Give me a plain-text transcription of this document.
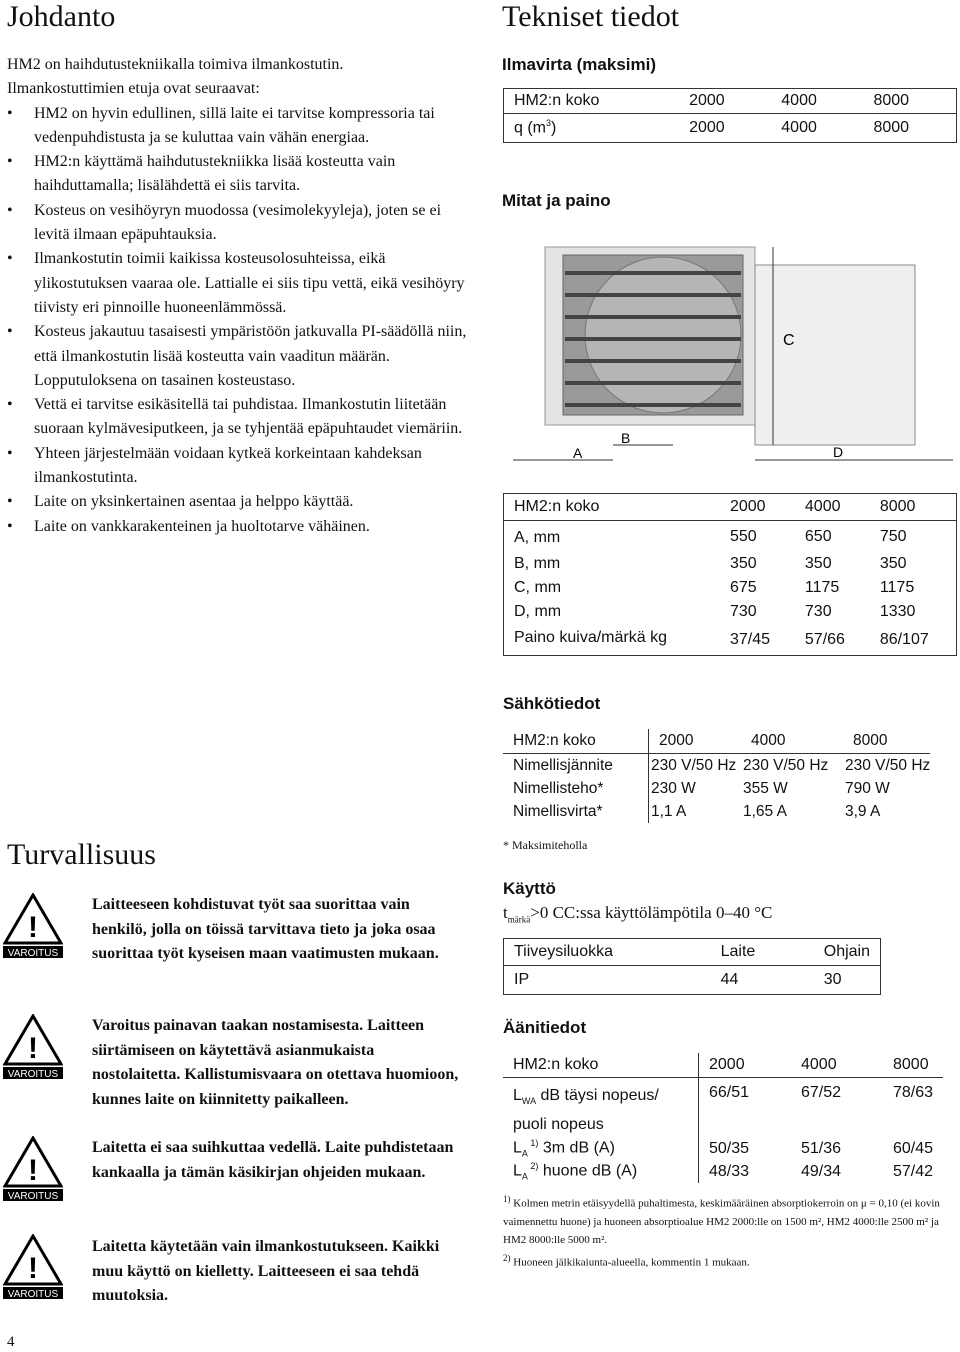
Johdanto

HM2 on haihdutustekniikalla toimiva ilmankostutin.

Ilmankostuttimien etuja ovat seuraavat:

• HM2 on hyvin edullinen, sillä laite ei tarvitse kompressoria tai vedenpuhdistusta ja se kuluttaa vain vähän energiaa.
• HM2:n käyttämä haihdutustekniikka lisää kosteutta vain haihduttamalla; lisälähdettä ei siis tarvita.
• Kosteus on vesihöyryn muodossa (vesimolekyyleja), joten se ei levitä ilmaan epäpuhtauksia.
• Ilmankostutin toimii kaikissa kosteusolosuhteissa, eikä ylikostutuksen vaaraa ole. Lattialle ei siis tipu vettä, eikä vesihöyry tiivisty eri pinnoille huoneenlämmössä.
• Kosteus jakautuu tasaisesti ympäristöön jatkuvalla PI-säädöllä niin, että ilmankostutin lisää kosteutta vain vaaditun määrän. Lopputuloksena on tasainen kosteustaso.
• Vettä ei tarvitse esikäsitellä tai puhdistaa. Ilmankostutin liitetään suoraan kylmävesiputkeen, ja se tyhjentää epäpuhtaudet viemäriin.
• Yhteen järjestelmään voidaan kytkeä korkeintaan kahdeksan ilmankostutinta.
• Laite on yksinkertainen asentaa ja helppo käyttää.
• Laite on vankkarakenteinen ja huoltotarve vähäinen.
Tekniset tiedot
Ilmavirta (maksimi)
HM2:n koko	2000	4000	8000
q $(m^3)$	2000	4000	8000
Mitat ja paino
C
B
A	D
HM2:n koko	2000	4000	8000
A, mm	550	650	750
B, mm	350	350	350
C, mm	675	1175	1175
D, mm	730	730	1330
Paino kuiva/märkä kg	37/45	57/66	86/107
Sähkötiedot
HM2:n koko	2000	4000	8000
Nimellisjännite	230 V/50 Hz	230 V/50 Hz	230 V/50 Hz
Nimellisteho*	230 W	355 W	790 W
Nimellisvirta*	1,1 A	1,65 A	3,9 A
* Maksimiteholla
Käyttö
$t_{märkä}>0$ CC:ssa käyttölämpötila 0–40 °C
Tiiveysiluokka	Laite	Ohjain
IP	44	30
Äänitiedot
HM2:n koko	2000	4000	8000
$L_{WA}$ dB täysi nopeus/
puoli nopeus	66/51	67/52	78/63
$L_A$ $^{1)}$ 3m dB (A)	50/35	51/36	60/45
$L_A$ $^{2)}$ huone dB (A)	48/33	49/34	57/42
$^{1)}$ Kolmen metrin etäisyydellä puhaltimesta, keskimääräinen absorptiokerroin on μ = 0,10 (ei kovin vaimennettu huone) ja huoneen absorptioalue HM2 2000:lle on 1500 m², HM2 4000:lle 2500 m² ja HM2 8000:lle 5000 m².
$^{2)}$ Huoneen jälkikaiunta-alueella, kommentin 1 mukaan.
Turvallisuus
!
VAROITUS
Laitteeseen kohdistuvat työt saa suorittaa vain henkilö, jolla on töissä tarvittava tieto ja joka osaa suorittaa työt kyseisen maan vaatimusten mukaan.
!
VAROITUS
Varoitus painavan taakan nostamisesta. Laitteen siirtämiseen on käytettävä asianmukaista nostolaitetta. Kallistumisvaara on otettava huomioon, kunnes laite on kiinnitetty paikalleen.
!
VAROITUS
Laitetta ei saa suihkuttaa vedellä. Laite puhdistetaan kankaalla ja tämän käsikirjan ohjeiden mukaan.
!
VAROITUS
Laitetta käytetään vain ilmankostutukseen. Kaikki muu käyttö on kielletty. Laitteeseen ei saa tehdä muutoksia.
4
